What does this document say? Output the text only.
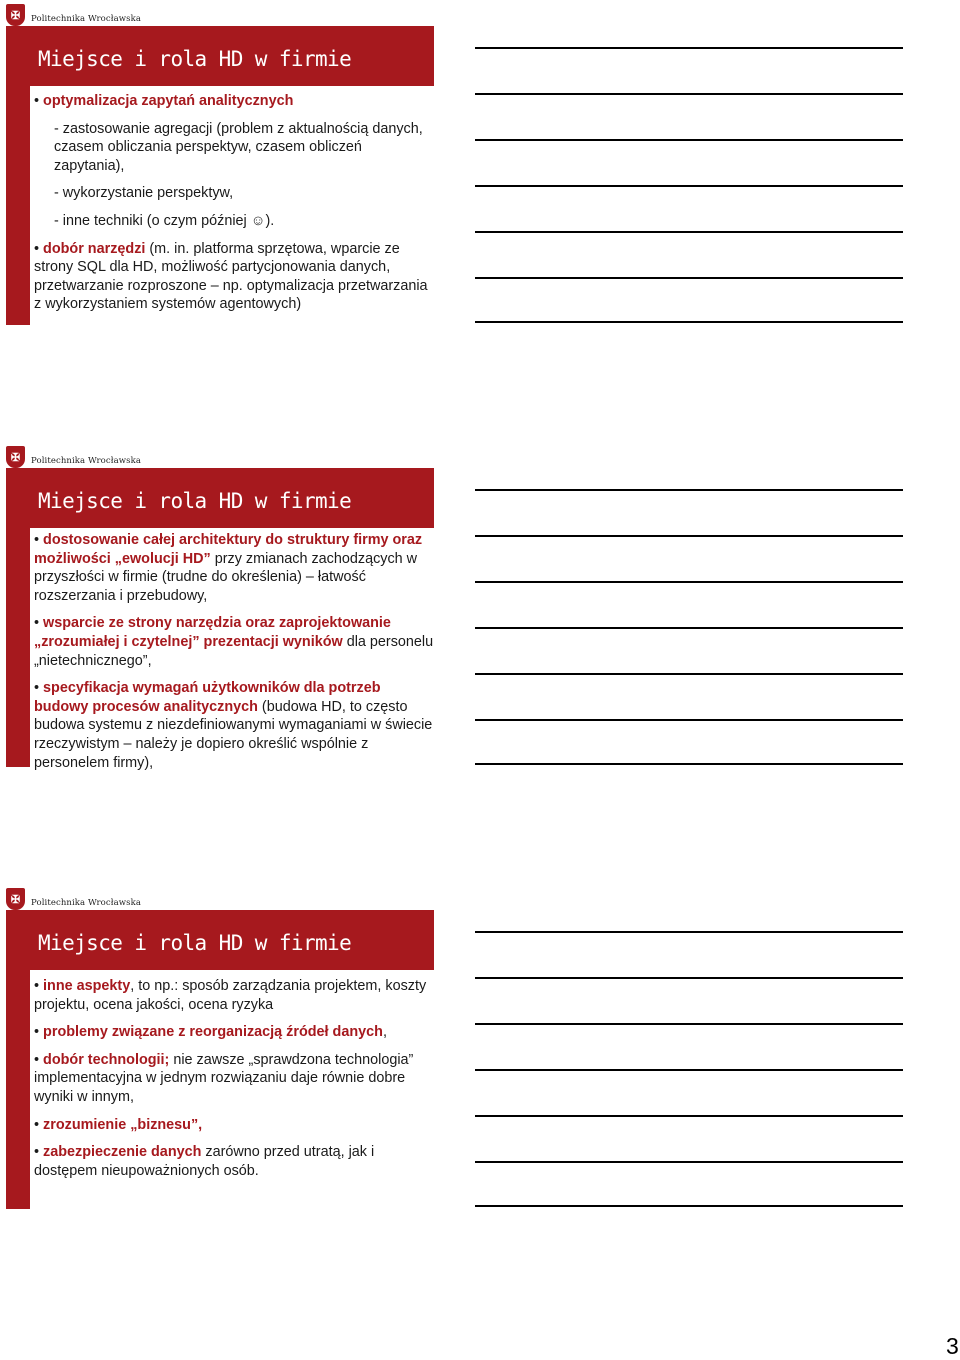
✠	Politechnika Wrocławska
Miejsce i rola HD w firmie

• optymalizacja zapytań analitycznych

- zastosowanie agregacji (problem z aktualnością danych, czasem obliczania perspektyw, czasem obliczeń zapytania),

- wykorzystanie perspektyw,

- inne techniki (o czym później ☺).

• dobór narzędzi (m. in. platforma sprzętowa, wparcie ze strony SQL dla HD, możliwość partycjonowania danych, przetwarzanie rozproszone – np. optymalizacja przetwarzania z wykorzystaniem systemów agentowych)

✠	Politechnika Wrocławska
Miejsce i rola HD w firmie

• dostosowanie całej architektury do struktury firmy oraz możliwości „ewolucji HD” przy zmianach zachodzących w przyszłości w firmie (trudne do określenia) – łatwość rozszerzania i przebudowy,

• wsparcie ze strony narzędzia oraz zaprojektowanie „zrozumiałej i czytelnej” prezentacji wyników dla personelu „nietechnicznego”,

• specyfikacja wymagań użytkowników dla potrzeb budowy procesów analitycznych (budowa HD, to często budowa systemu z niezdefiniowanymi wymaganiami w świecie rzeczywistym – należy je dopiero określić wspólnie z personelem firmy),

✠	Politechnika Wrocławska
Miejsce i rola HD w firmie

• inne aspekty, to np.: sposób zarządzania projektem, koszty projektu, ocena jakości, ocena ryzyka

• problemy związane z reorganizacją źródeł danych,

• dobór technologii; nie zawsze „sprawdzona technologia” implementacyjna w jednym rozwiązaniu daje równie dobre wyniki w innym,

• zrozumienie „biznesu”,

• zabezpieczenie danych zarówno przed utratą, jak i dostępem nieupoważnionych osób.

3
